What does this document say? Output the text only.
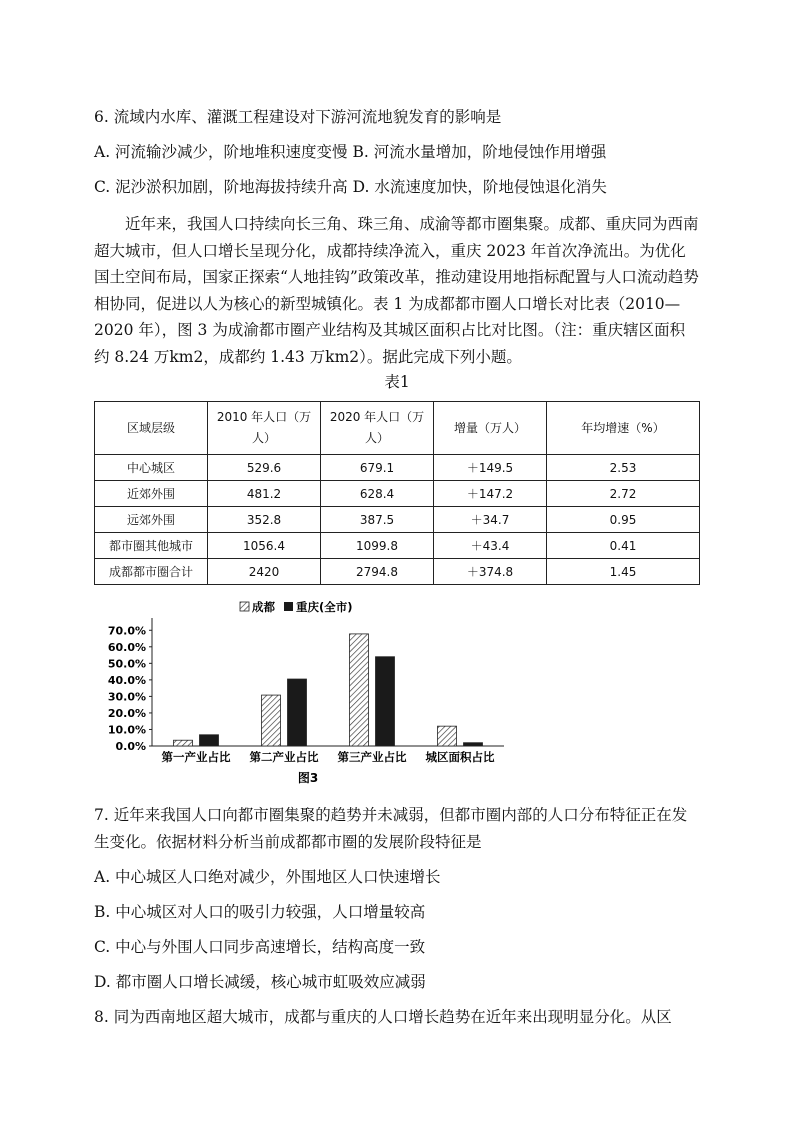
6. 流域内水库、灌溉工程建设对下游河流地貌发育的影响是
A. 河流输沙减少，阶地堆积速度变慢 B. 河流水量增加，阶地侵蚀作用增强
C. 泥沙淤积加剧，阶地海拔持续升高 D. 水流速度加快，阶地侵蚀退化消失
近年来，我国人口持续向长三角、珠三角、成渝等都市圈集聚。成都、重庆同为西南超大城市，但人口增长呈现分化，成都持续净流入，重庆 2023 年首次净流出。为优化国土空间布局，国家正探索“人地挂钩”政策改革，推动建设用地指标配置与人口流动趋势相协同，促进以人为核心的新型城镇化。表 1 为成都都市圈人口增长对比表（2010—2020 年），图 3 为成渝都市圈产业结构及其城区面积占比对比图。（注：重庆辖区面积约 8.24 万km2，成都约 1.43 万km2）。据此完成下列小题。
表1
区域层级	2010 年人口（万人）	2020 年人口（万人）	增量（万人）	年均增速（%）
中心城区	529.6	679.1	＋149.5	2.53
近郊外围	481.2	628.4	＋147.2	2.72
远郊外围	352.8	387.5	＋34.7	0.95
都市圈其他城市	1056.4	1099.8	＋43.4	0.41
成都都市圈合计	2420	2794.8	＋374.8	1.45
成都 重庆(全市)
0.0%
10.0%
20.0%
30.0%
40.0%
50.0%
60.0%
70.0%
第一产业占比 第二产业占比 第三产业占比 城区面积占比
图3
7. 近年来我国人口向都市圈集聚的趋势并未减弱，但都市圈内部的人口分布特征正在发生变化。依据材料分析当前成都都市圈的发展阶段特征是
A. 中心城区人口绝对减少，外围地区人口快速增长
B. 中心城区对人口的吸引力较强，人口增量较高
C. 中心与外围人口同步高速增长，结构高度一致
D. 都市圈人口增长减缓，核心城市虹吸效应减弱
8. 同为西南地区超大城市，成都与重庆的人口增长趋势在近年来出现明显分化。从区
